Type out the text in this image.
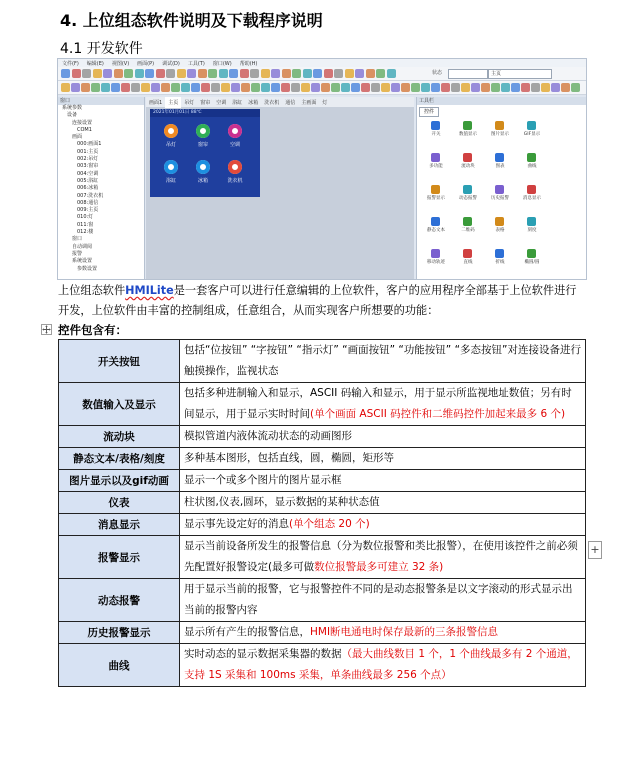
4. 上位组态软件说明及下载程序说明
4.1 开发软件
文件(F) 编辑(E) 视图(V) 画面(P) 调试(D) 工具(T) 窗口(W) 帮助(H)
状态	主页
窗口
系统参数
设备
连接设置
COM1
画面
000:画面1
001:主页
002:吊灯
003:窗帘
004:空调
005:浴缸
006:冰箱
007:洗衣机
008:通信
009:主页
010:灯
011:窗
012:楼
窗口
自动调阅
报警
系统设置
参数设置
画面1 主页 吊灯 窗帘 空调 浴缸 冰箱 洗衣机 通信 主画面 灯
2021年01月01日 88℃
吊灯	窗帘	空调
浴缸	冰箱	洗衣机
工具栏
控件
开关	数值显示	图片显示	GIF显示
多功能	流动块	图表	曲线
报警显示	动态报警	历史报警	消息显示
静态文本	二维码	表格	刻度
移动轨迹	直线	折线	椭圆/圆
上位组态软件HMILite是一套客户可以进行任意编辑的上位软件，客户的应用程序全部基于上位软件进行开发，上位软件由丰富的控制组成，任意组合，从而实现客户所想要的功能：
控件包含有：
开关按钮	包括“位按钮” “字按钮” “指示灯” “画面按钮” “功能按钮” “多态按钮”对连接设备进行触摸操作，监视状态
数值输入及显示	包括多种进制输入和显示，ASCII 码输入和显示，用于显示所监视地址数值；另有时间显示，用于显示实时时间(单个画面 ASCII 码控件和二维码控件加起来最多 6 个)
流动块	模拟管道内液体流动状态的动画图形
静态文本/表格/刻度	多种基本图形，包括直线，圆，椭圆，矩形等
图片显示以及gif动画	显示一个或多个图片的图片显示框
仪表	柱状图,仪表,圆环，显示数据的某种状态值
消息显示	显示事先设定好的消息(单个组态 20 个)
报警显示	显示当前设备所发生的报警信息（分为数位报警和类比报警），在使用该控件之前必须先配置好报警设定(最多可做数位报警最多可建立 32 条)
动态报警	用于显示当前的报警，它与报警控件不同的是动态报警条是以文字滚动的形式显示出当前的报警内容
历史报警显示	显示所有产生的报警信息，HMI断电通电时保存最新的三条报警信息
曲线	实时动态的显示数据采集器的数据（最大曲线数目 1 个，1 个曲线最多有 2 个通道，支持 1S 采集和 100ms 采集，单条曲线最多 256 个点）
+
